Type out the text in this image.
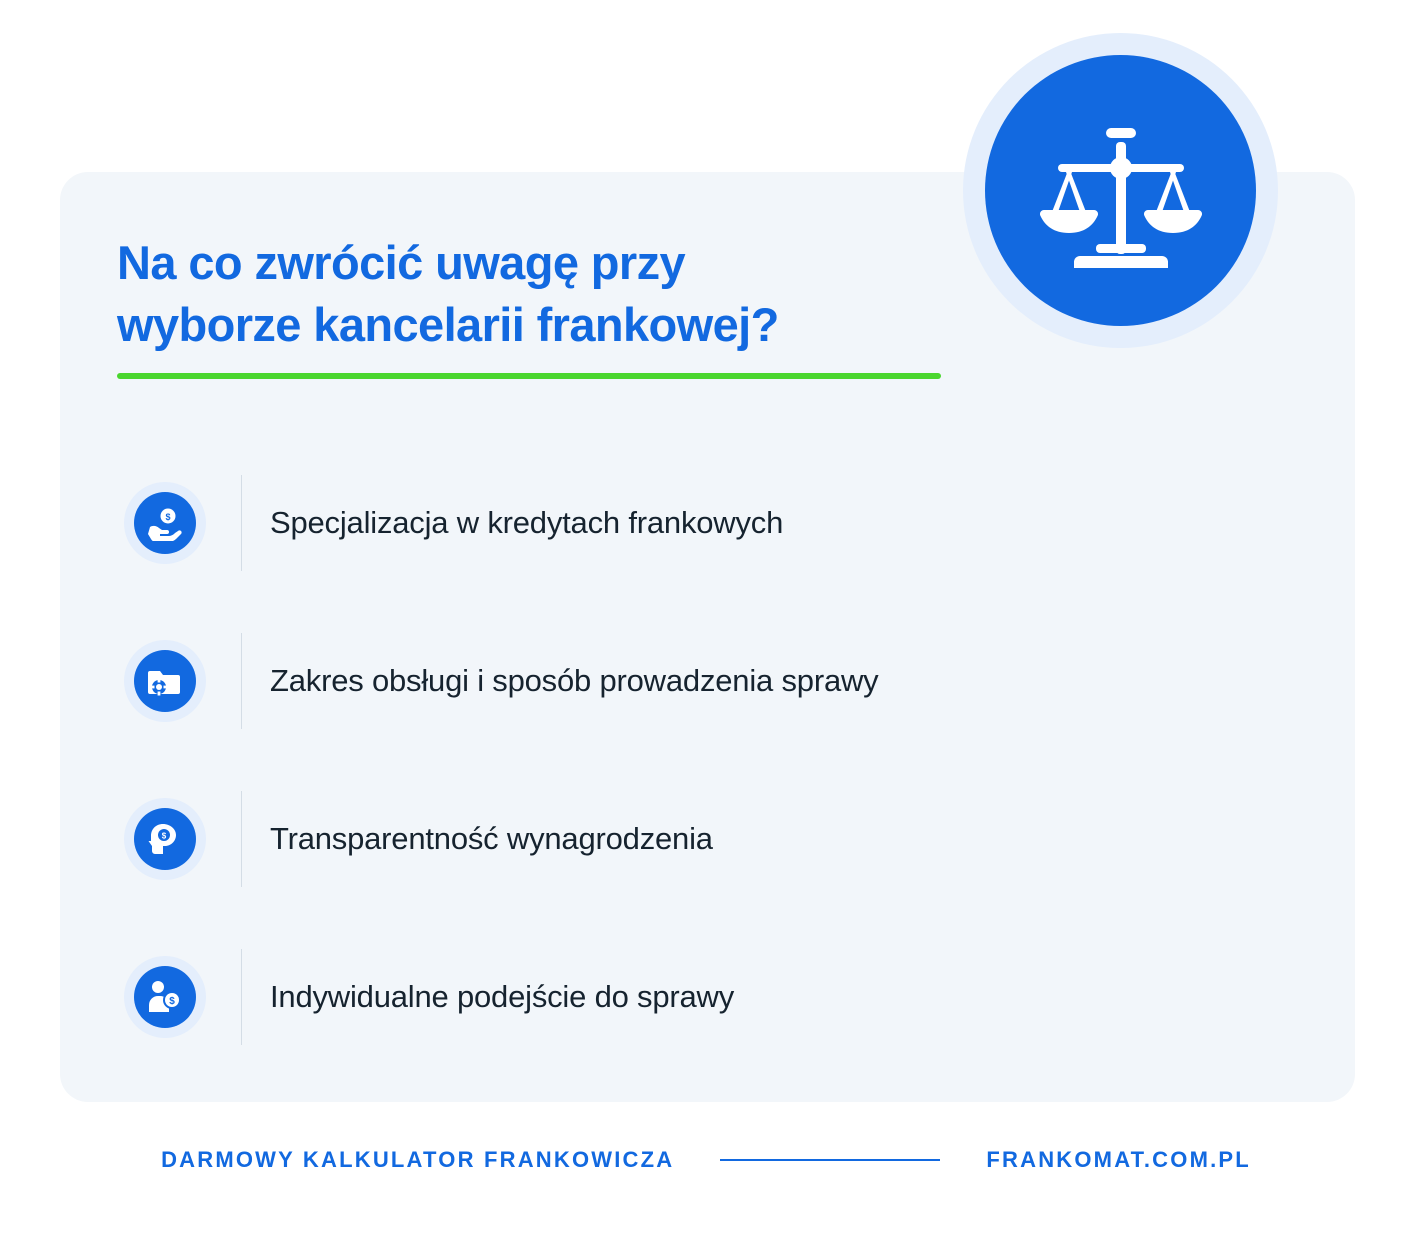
Na co zwrócić uwagę przy
wyborze kancelarii frankowej?
$	Specjalizacja w kredytach frankowych
Zakres obsługi i sposób prowadzenia sprawy
$	Transparentność wynagrodzenia
$	Indywidualne podejście do sprawy
DARMOWY KALKULATOR FRANKOWICZA	FRANKOMAT.COM.PL
